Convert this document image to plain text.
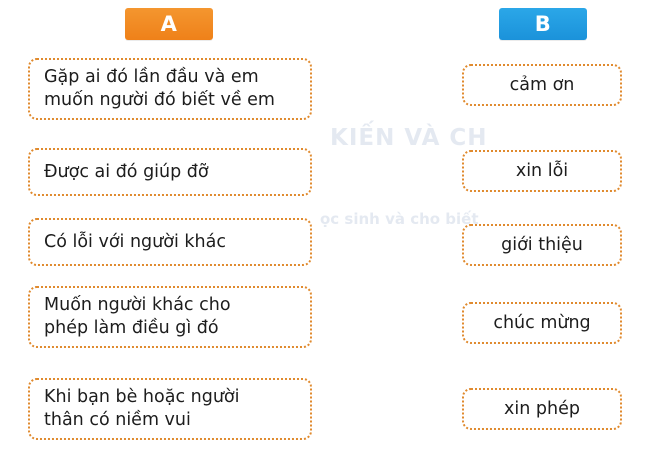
KIẾN VÀ CH
ọc sinh và cho biết
A	B
Gặp ai đó lần đầu và em
muốn người đó biết về em
Được ai đó giúp đỡ
Có lỗi với người khác
Muốn người khác cho
phép làm điều gì đó
Khi bạn bè hoặc người
thân có niềm vui
cảm ơn
xin lỗi
giới thiệu
chúc mừng
xin phép
